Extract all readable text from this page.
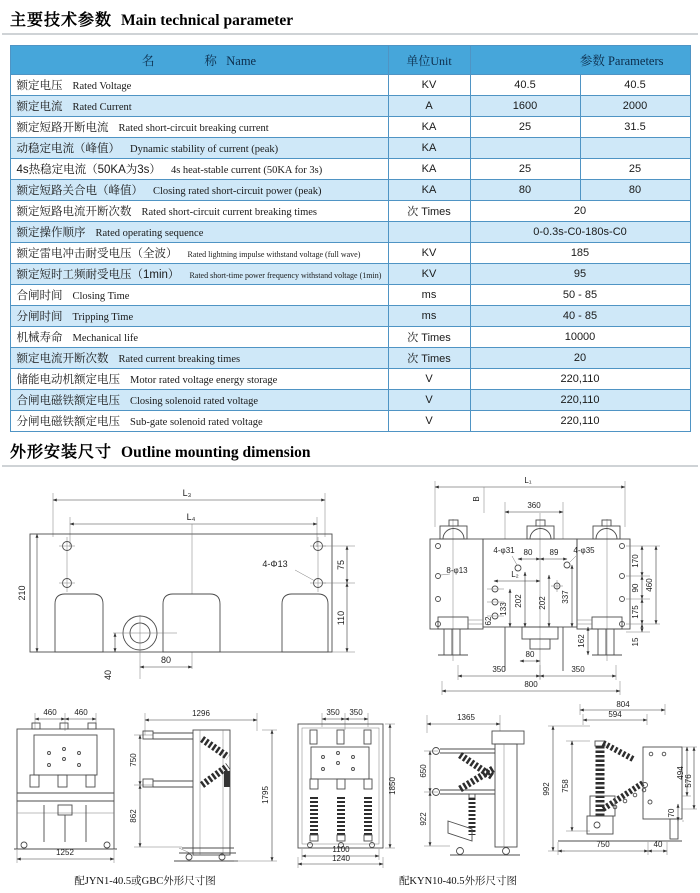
主要技术参数 Main technical parameter
名                称   Name	单位Unit	参数 Parameters	
额定电压 Rated Voltage	KV	40.5	40.5
额定电流 Rated Current	A	1600	2000
额定短路开断电流 Rated short-circuit breaking current	KA	25	31.5
动稳定电流（峰值） Dynamic stability of current (peak)	KA		
4s热稳定电流（50KA为3s） 4s heat-stable current (50KA for 3s)	KA	25	25
额定短路关合电（峰值） Closing rated short-circuit power (peak)	KA	80	80
额定短路电流开断次数 Rated short-circuit current breaking times	次 Times	20	
额定操作顺序 Rated operating sequence		0-0.3s-C0-180s-C0	
额定雷电冲击耐受电压（全波） Rated lightning impulse withstand voltage (full wave)	KV	185	
额定短时工频耐受电压（1min） Rated short-time power frequency withstand voltage (1min)	KV	95	
合闸时间 Closing Time	ms	50 - 85	
分闸时间 Tripping Time	ms	40 - 85	
机械寿命 Mechanical life	次 Times	10000	
额定电流开断次数 Rated current breaking times	次 Times	20	
储能电动机额定电压 Motor rated voltage energy storage	V	220,110	
合闸电磁铁额定电压 Closing solenoid rated voltage	V	220,110	
分闸电磁铁额定电压 Sub-gate solenoid rated voltage	V	220,110	
外形安装尺寸 Outline mounting dimension
L₃
L₄
210
4-Φ13	75
110
80
40
L₁
B
360
4-φ31	4-φ35
80 89
8-φ13	L₂
133
202 202 337
62
162
170
90
175
460
15
80
350	350
800
460 460
1252
1296
750
862
1795
350 350
1850
1100
1240
1365
650
922
804
594
992 758
494
576
70
750	40
配JYN1-40.5或GBC外形尺寸图	配KYN10-40.5外形尺寸图
